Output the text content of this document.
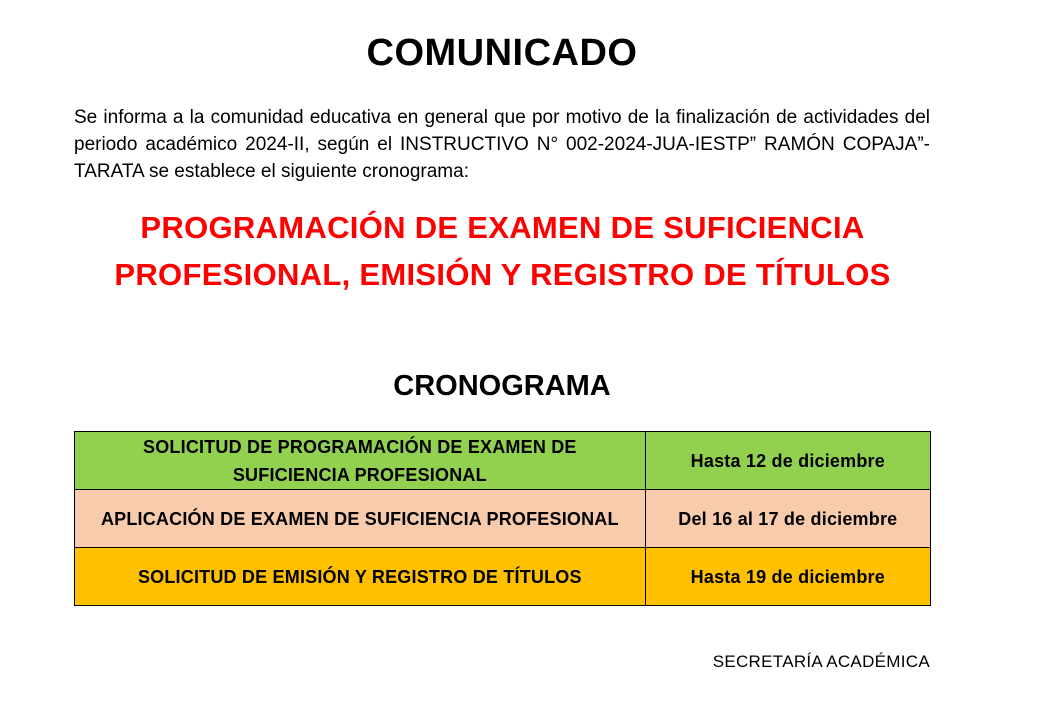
COMUNICADO
Se informa a la comunidad educativa en general que por motivo de la finalización de actividades del periodo académico 2024-II, según el INSTRUCTIVO N° 002-2024-JUA-IESTP” RAMÓN COPAJA”-TARATA se establece el siguiente cronograma:
PROGRAMACIÓN DE EXAMEN DE SUFICIENCIA PROFESIONAL, EMISIÓN Y REGISTRO DE TÍTULOS
CRONOGRAMA
SOLICITUD DE PROGRAMACIÓN DE EXAMEN DE SUFICIENCIA PROFESIONAL	Hasta 12 de diciembre
APLICACIÓN DE EXAMEN DE SUFICIENCIA PROFESIONAL	Del 16 al 17 de diciembre
SOLICITUD DE EMISIÓN Y REGISTRO DE TÍTULOS	Hasta 19 de diciembre
SECRETARÍA ACADÉMICA
